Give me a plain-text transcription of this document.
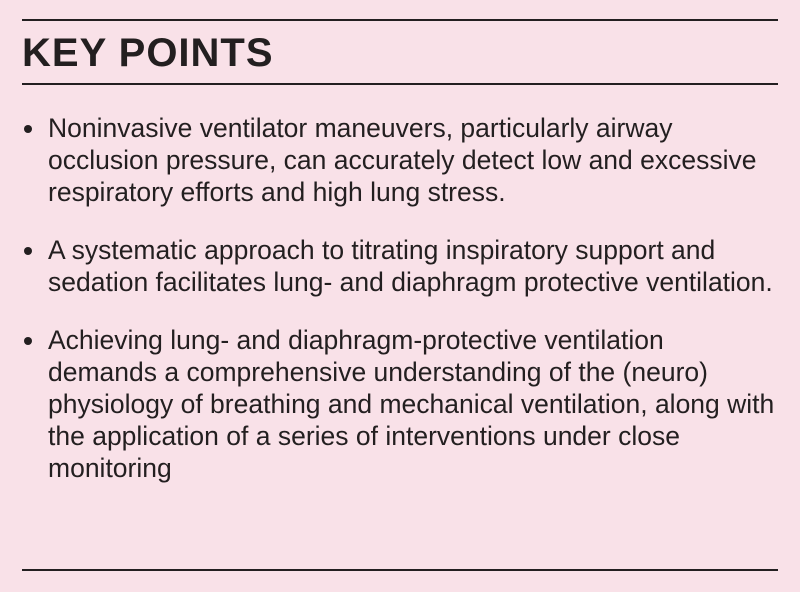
KEY POINTS
Noninvasive ventilator maneuvers, particularly airway occlusion pressure, can accurately detect low and excessive respiratory efforts and high lung stress.
A systematic approach to titrating inspiratory support and sedation facilitates lung- and diaphragm protective ventilation.
Achieving lung- and diaphragm-protective ventilation demands a comprehensive understanding of the (neuro) physiology of breathing and mechanical ventilation, along with the application of a series of interventions under close monitoring
